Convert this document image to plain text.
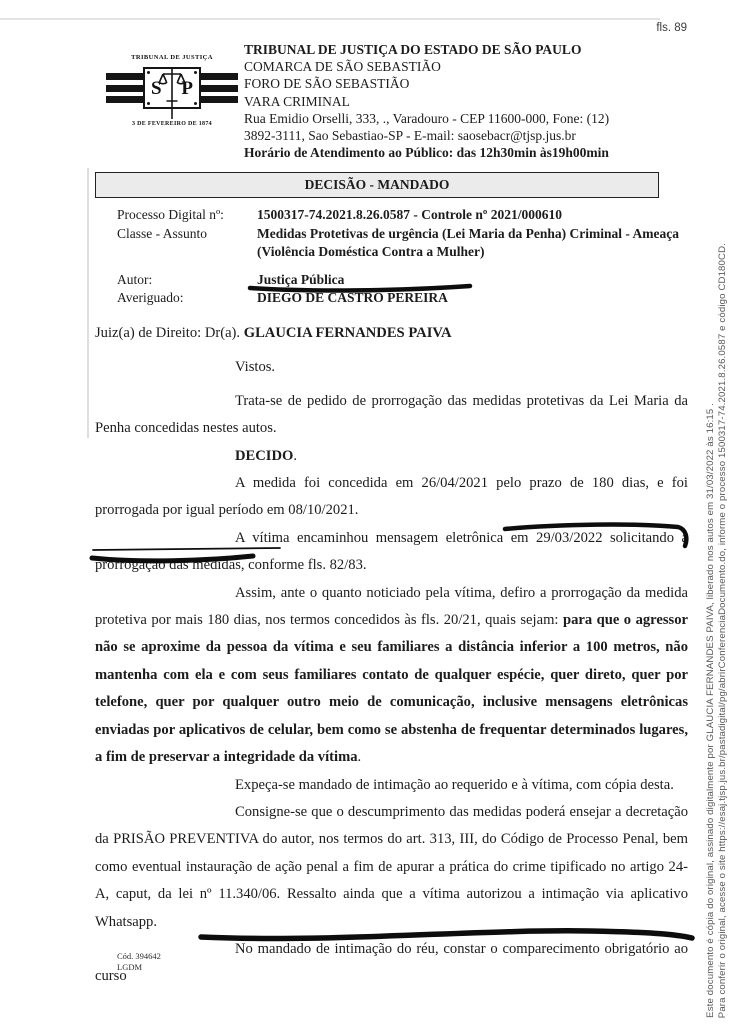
fls. 89
TRIBUNAL DE JUSTIÇA
S P
3 DE FEVEREIRO DE 1874
TRIBUNAL DE JUSTIÇA DO ESTADO DE SÃO PAULO
COMARCA DE SÃO SEBASTIÃO
FORO DE SÃO SEBASTIÃO
VARA CRIMINAL
Rua Emidio Orselli, 333, ., Varadouro - CEP 11600-000, Fone: (12)
3892-3111, Sao Sebastiao-SP - E-mail: saosebacr@tjsp.jus.br
Horário de Atendimento ao Público: das 12h30min às19h00min
DECISÃO - MANDADO
Processo Digital nº:	1500317-74.2021.8.26.0587 - Controle nº 2021/000610
Classe - Assunto	Medidas Protetivas de urgência (Lei Maria da Penha) Criminal - Ameaça (Violência Doméstica Contra a Mulher)
Autor:	Justiça Pública
Averiguado:	DIEGO DE CASTRO PEREIRA

Juiz(a) de Direito: Dr(a). GLAUCIA FERNANDES PAIVA

Vistos.

Trata-se de pedido de prorrogação das medidas protetivas da Lei Maria da Penha concedidas nestes autos.

DECIDO.

A medida foi concedida em 26/04/2021 pelo prazo de 180 dias, e foi prorrogada por igual período em 08/10/2021.

A vítima encaminhou mensagem eletrônica em 29/03/2022 solicitando a prorrogação das medidas, conforme fls. 82/83.

Assim, ante o quanto noticiado pela vítima, defiro a prorrogação da medida protetiva por mais 180 dias, nos termos concedidos às fls. 20/21, quais sejam: para que o agressor não se aproxime da pessoa da vítima e seu familiares a distância inferior a 100 metros, não mantenha com ela e com seus familiares contato de qualquer espécie, quer direto, quer por telefone, quer por qualquer outro meio de comunicação, inclusive mensagens eletrônicas enviadas por aplicativos de celular, bem como se abstenha de frequentar determinados lugares, a fim de preservar a integridade da vítima.

Expeça-se mandado de intimação ao requerido e à vítima, com cópia desta.

Consigne-se que o descumprimento das medidas poderá ensejar a decretação da PRISÃO PREVENTIVA do autor, nos termos do art. 313, III, do Código de Processo Penal, bem como eventual instauração de ação penal a fim de apurar a prática do crime tipificado no artigo 24- A, caput, da lei nº 11.340/06. Ressalto ainda que a vítima autorizou a intimação via aplicativo Whatsapp.

No mandado de intimação do réu, constar o comparecimento obrigatório ao curso

Cód. 394642
LGDM	Este documento é cópia do original, assinado digitalmente por GLAUCIA FERNANDES PAIVA, liberado nos autos em 31/03/2022 às 16:15 . Para conferir o original, acesse o site https://esaj.tjsp.jus.br/pastadigital/pg/abrirConferenciaDocumento.do, informe o processo 1500317-74.2021.8.26.0587 e código CD180CD.
